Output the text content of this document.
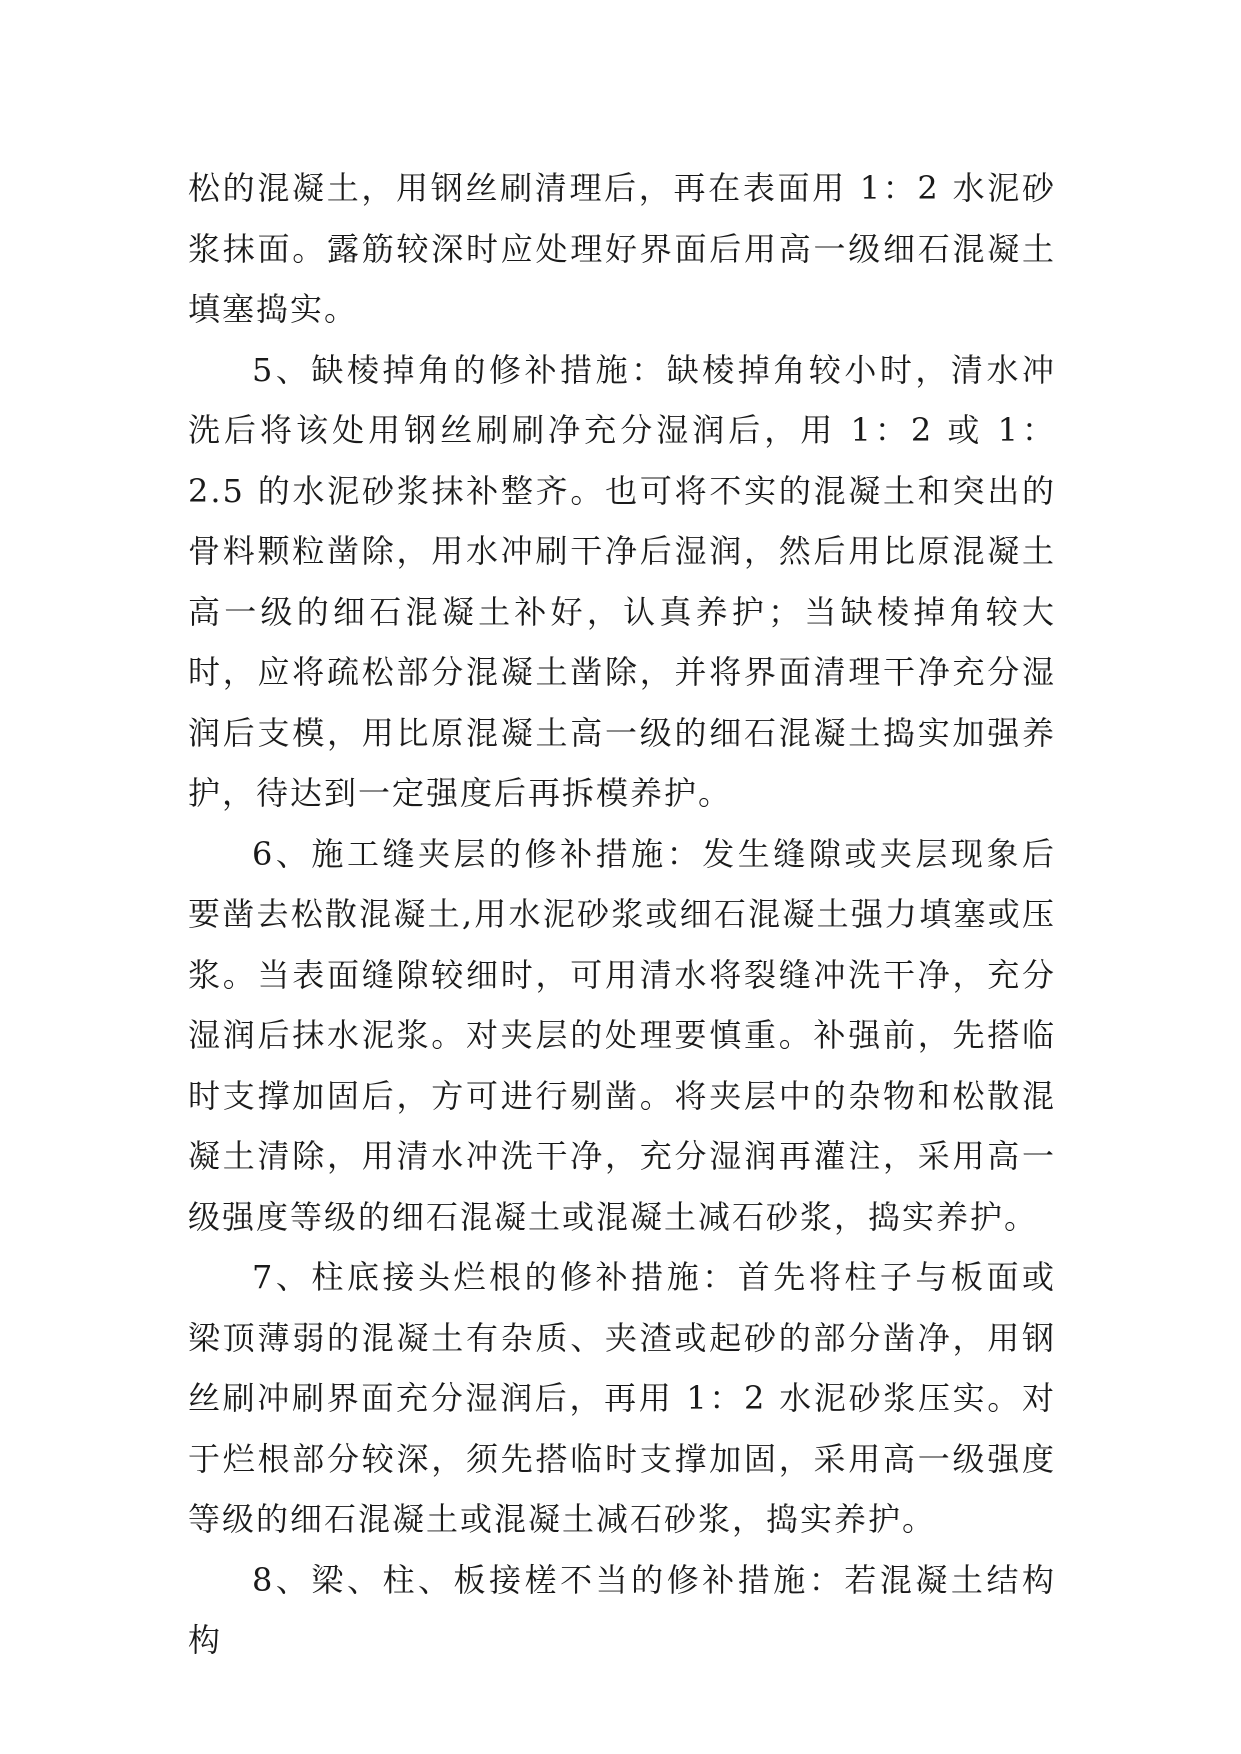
松的混凝土，用钢丝刷清理后，再在表面用 1：2 水泥砂浆抹面。露筋较深时应处理好界面后用高一级细石混凝土填塞捣实。

5、缺棱掉角的修补措施：缺棱掉角较小时，清水冲洗后将该处用钢丝刷刷净充分湿润后，用 1：2 或 1：2.5 的水泥砂浆抹补整齐。也可将不实的混凝土和突出的骨料颗粒凿除，用水冲刷干净后湿润，然后用比原混凝土高一级的细石混凝土补好，认真养护；当缺棱掉角较大时，应将疏松部分混凝土凿除，并将界面清理干净充分湿润后支模，用比原混凝土高一级的细石混凝土捣实加强养护，待达到一定强度后再拆模养护。

6、施工缝夹层的修补措施：发生缝隙或夹层现象后要凿去松散混凝土,用水泥砂浆或细石混凝土强力填塞或压浆。当表面缝隙较细时，可用清水将裂缝冲洗干净，充分湿润后抹水泥浆。对夹层的处理要慎重。补强前，先搭临时支撑加固后，方可进行剔凿。将夹层中的杂物和松散混凝土清除，用清水冲洗干净，充分湿润再灌注，采用高一级强度等级的细石混凝土或混凝土减石砂浆，捣实养护。

7、柱底接头烂根的修补措施：首先将柱子与板面或梁顶薄弱的混凝土有杂质、夹渣或起砂的部分凿净，用钢丝刷冲刷界面充分湿润后，再用 1：2 水泥砂浆压实。对于烂根部分较深，须先搭临时支撑加固，采用高一级强度等级的细石混凝土或混凝土减石砂浆，捣实养护。

8、梁、柱、板接槎不当的修补措施：若混凝土结构构
